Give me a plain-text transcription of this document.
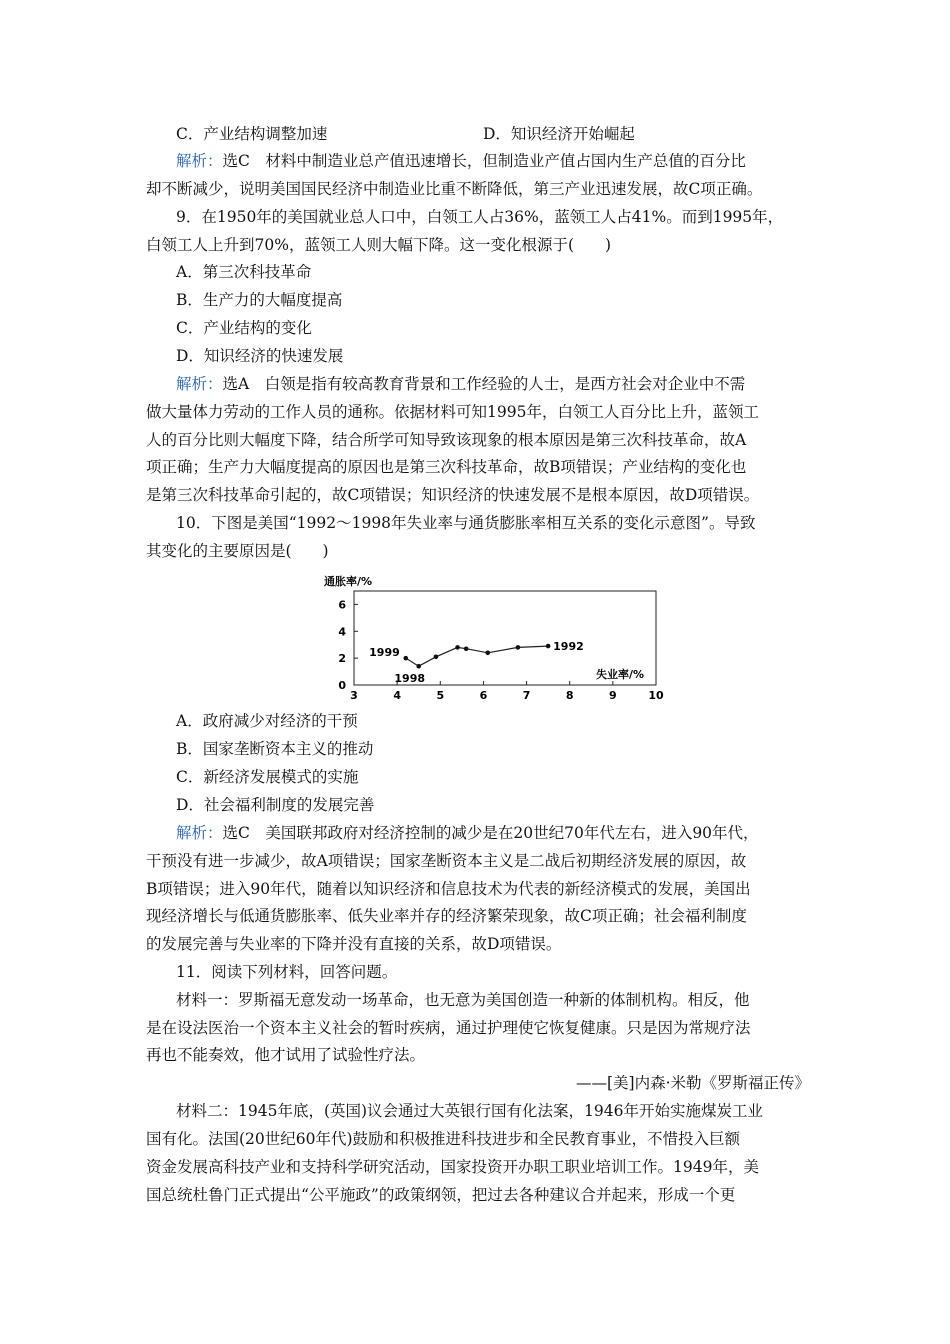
C．产业结构调整加速	D．知识经济开始崛起
解析：选C　材料中制造业总产值迅速增长，但制造业产值占国内生产总值的百分比
却不断减少，说明美国国民经济中制造业比重不断降低，第三产业迅速发展，故C项正确。
9．在1950年的美国就业总人口中，白领工人占36%，蓝领工人占41%。而到1995年，
白领工人上升到70%，蓝领工人则大幅下降。这一变化根源于(　　)
A．第三次科技革命
B．生产力的大幅度提高
C．产业结构的变化
D．知识经济的快速发展
解析：选A　白领是指有较高教育背景和工作经验的人士，是西方社会对企业中不需
做大量体力劳动的工作人员的通称。依据材料可知1995年，白领工人百分比上升，蓝领工
人的百分比则大幅度下降，结合所学可知导致该现象的根本原因是第三次科技革命，故A
项正确；生产力大幅度提高的原因也是第三次科技革命，故B项错误；产业结构的变化也
是第三次科技革命引起的，故C项错误；知识经济的快速发展不是根本原因，故D项错误。
10．下图是美国“1992～1998年失业率与通货膨胀率相互关系的变化示意图”。导致
其变化的主要原因是(　　)
通胀率/%
3	4	5	6	7	8	9	10
6
4
2
0
失业率/%
1999
1998
1992
A．政府减少对经济的干预
B．国家垄断资本主义的推动
C．新经济发展模式的实施
D．社会福利制度的发展完善
解析：选C　美国联邦政府对经济控制的减少是在20世纪70年代左右，进入90年代，
干预没有进一步减少，故A项错误；国家垄断资本主义是二战后初期经济发展的原因，故
B项错误；进入90年代，随着以知识经济和信息技术为代表的新经济模式的发展，美国出
现经济增长与低通货膨胀率、低失业率并存的经济繁荣现象，故C项正确；社会福利制度
的发展完善与失业率的下降并没有直接的关系，故D项错误。
11．阅读下列材料，回答问题。
材料一：罗斯福无意发动一场革命，也无意为美国创造一种新的体制机构。相反，他
是在设法医治一个资本主义社会的暂时疾病，通过护理使它恢复健康。只是因为常规疗法
再也不能奏效，他才试用了试验性疗法。
——[美]内森·米勒《罗斯福正传》
材料二：1945年底，(英国)议会通过大英银行国有化法案，1946年开始实施煤炭工业
国有化。法国(20世纪60年代)鼓励和积极推进科技进步和全民教育事业，不惜投入巨额
资金发展高科技产业和支持科学研究活动，国家投资开办职工职业培训工作。1949年，美
国总统杜鲁门正式提出“公平施政”的政策纲领，把过去各种建议合并起来，形成一个更
